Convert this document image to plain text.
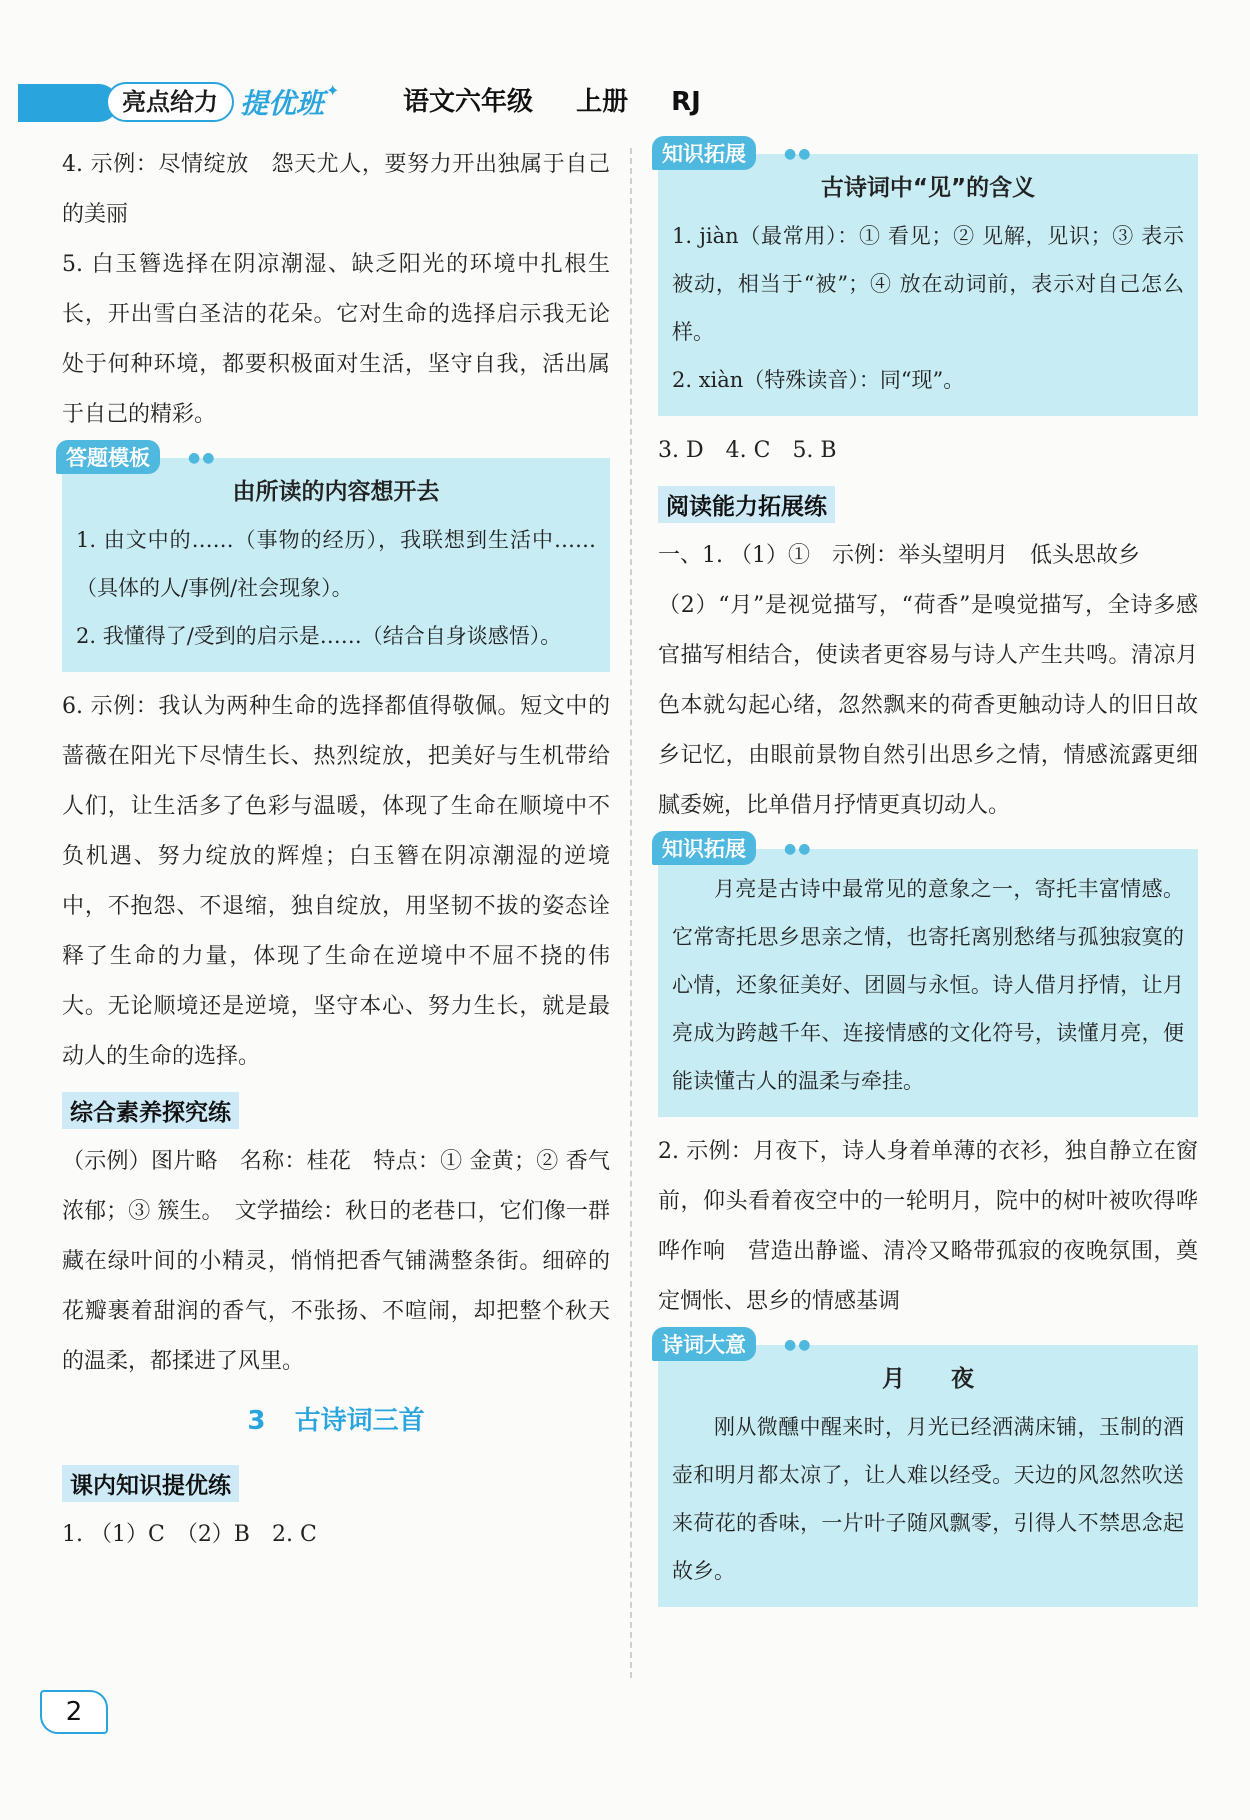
亮点给力 提优班 ✦ 语文六年级 上册 RJ

4. 示例：尽情绽放　怨天尤人，要努力开出独属于自己的美丽

5. 白玉簪选择在阴凉潮湿、缺乏阳光的环境中扎根生长，开出雪白圣洁的花朵。它对生命的选择启示我无论处于何种环境，都要积极面对生活，坚守自我，活出属于自己的精彩。

答题模板	●●
由所读的内容想开去

1. 由文中的……（事物的经历），我联想到生活中……（具体的人/事例/社会现象）。

2. 我懂得了/受到的启示是……（结合自身谈感悟）。

6. 示例：我认为两种生命的选择都值得敬佩。短文中的蔷薇在阳光下尽情生长、热烈绽放，把美好与生机带给人们，让生活多了色彩与温暖，体现了生命在顺境中不负机遇、努力绽放的辉煌；白玉簪在阴凉潮湿的逆境中，不抱怨、不退缩，独自绽放，用坚韧不拔的姿态诠释了生命的力量，体现了生命在逆境中不屈不挠的伟大。无论顺境还是逆境，坚守本心、努力生长，就是最动人的生命的选择。

综合素养探究练

（示例）图片略　名称：桂花　特点：① 金黄；② 香气浓郁；③ 簇生。　文学描绘：秋日的老巷口，它们像一群藏在绿叶间的小精灵，悄悄把香气铺满整条街。细碎的花瓣裹着甜润的香气，不张扬、不喧闹，却把整个秋天的温柔，都揉进了风里。

3 古诗词三首
课内知识提优练

1. （1）C　（2）B　2. C

知识拓展	●●
古诗词中“见”的含义

1. jiàn（最常用）：① 看见；② 见解，见识；③ 表示被动，相当于“被”；④ 放在动词前，表示对自己怎么样。

2. xiàn（特殊读音）：同“现”。

3. D　4. C　5. B

阅读能力拓展练

一、1. （1）①　示例：举头望明月　低头思故乡

（2）“月”是视觉描写，“荷香”是嗅觉描写，全诗多感官描写相结合，使读者更容易与诗人产生共鸣。清凉月色本就勾起心绪，忽然飘来的荷香更触动诗人的旧日故乡记忆，由眼前景物自然引出思乡之情，情感流露更细腻委婉，比单借月抒情更真切动人。

知识拓展	●●

月亮是古诗中最常见的意象之一，寄托丰富情感。它常寄托思乡思亲之情，也寄托离别愁绪与孤独寂寞的心情，还象征美好、团圆与永恒。诗人借月抒情，让月亮成为跨越千年、连接情感的文化符号，读懂月亮，便能读懂古人的温柔与牵挂。

2. 示例：月夜下，诗人身着单薄的衣衫，独自静立在窗前，仰头看着夜空中的一轮明月，院中的树叶被吹得哗哗作响　营造出静谧、清冷又略带孤寂的夜晚氛围，奠定惆怅、思乡的情感基调

诗词大意	●●
月　　夜

刚从微醺中醒来时，月光已经洒满床铺，玉制的酒壶和明月都太凉了，让人难以经受。天边的风忽然吹送来荷花的香味，一片叶子随风飘零，引得人不禁思念起故乡。

2
